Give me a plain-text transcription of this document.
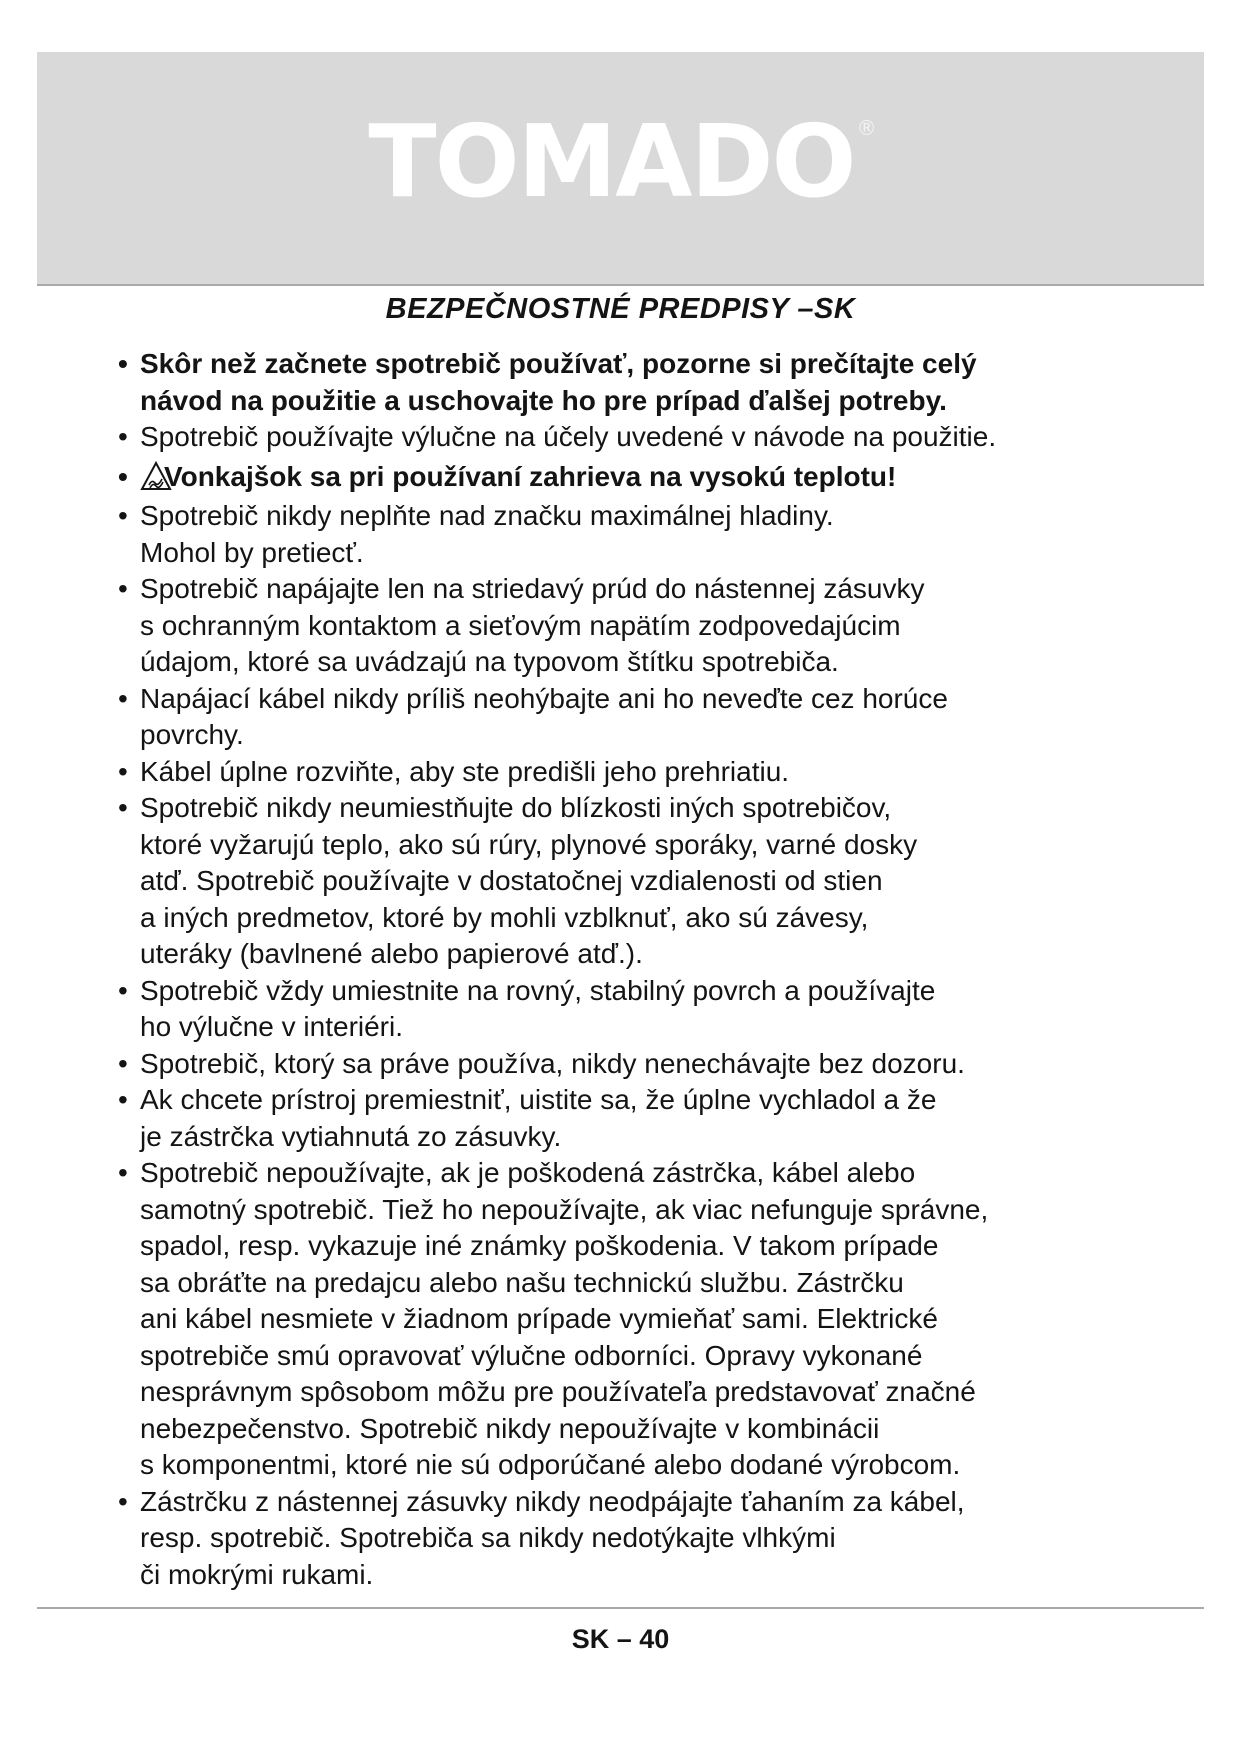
TOMADO ®
BEZPEČNOSTNÉ PREDPISY –SK
• Skôr než začnete spotrebič používať, pozorne si prečítajte celý
návod na použitie a uschovajte ho pre prípad ďalšej potreby.
• Spotrebič používajte výlučne na účely uvedené v návode na použitie.
•	Vonkajšok sa pri používaní zahrieva na vysokú teplotu!
• Spotrebič nikdy neplňte nad značku maximálnej hladiny.
Mohol by pretiecť.
• Spotrebič napájajte len na striedavý prúd do nástennej zásuvky
s ochranným kontaktom a sieťovým napätím zodpovedajúcim
údajom, ktoré sa uvádzajú na typovom štítku spotrebiča.
• Napájací kábel nikdy príliš neohýbajte ani ho neveďte cez horúce
povrchy.
• Kábel úplne rozviňte, aby ste predišli jeho prehriatiu.
• Spotrebič nikdy neumiestňujte do blízkosti iných spotrebičov,
ktoré vyžarujú teplo, ako sú rúry, plynové sporáky, varné dosky
atď. Spotrebič používajte v dostatočnej vzdialenosti od stien
a iných predmetov, ktoré by mohli vzblknuť, ako sú závesy,
uteráky (bavlnené alebo papierové atď.).
• Spotrebič vždy umiestnite na rovný, stabilný povrch a používajte
ho výlučne v interiéri.
• Spotrebič, ktorý sa práve používa, nikdy nenechávajte bez dozoru.
• Ak chcete prístroj premiestniť, uistite sa, že úplne vychladol a že
je zástrčka vytiahnutá zo zásuvky.
• Spotrebič nepoužívajte, ak je poškodená zástrčka, kábel alebo
samotný spotrebič. Tiež ho nepoužívajte, ak viac nefunguje správne,
spadol, resp. vykazuje iné známky poškodenia. V takom prípade
sa obráťte na predajcu alebo našu technickú službu. Zástrčku
ani kábel nesmiete v žiadnom prípade vymieňať sami. Elektrické
spotrebiče smú opravovať výlučne odborníci. Opravy vykonané
nesprávnym spôsobom môžu pre používateľa predstavovať značné
nebezpečenstvo. Spotrebič nikdy nepoužívajte v kombinácii
s komponentmi, ktoré nie sú odporúčané alebo dodané výrobcom.
• Zástrčku z nástennej zásuvky nikdy neodpájajte ťahaním za kábel,
resp. spotrebič. Spotrebiča sa nikdy nedotýkajte vlhkými
či mokrými rukami.
SK – 40
